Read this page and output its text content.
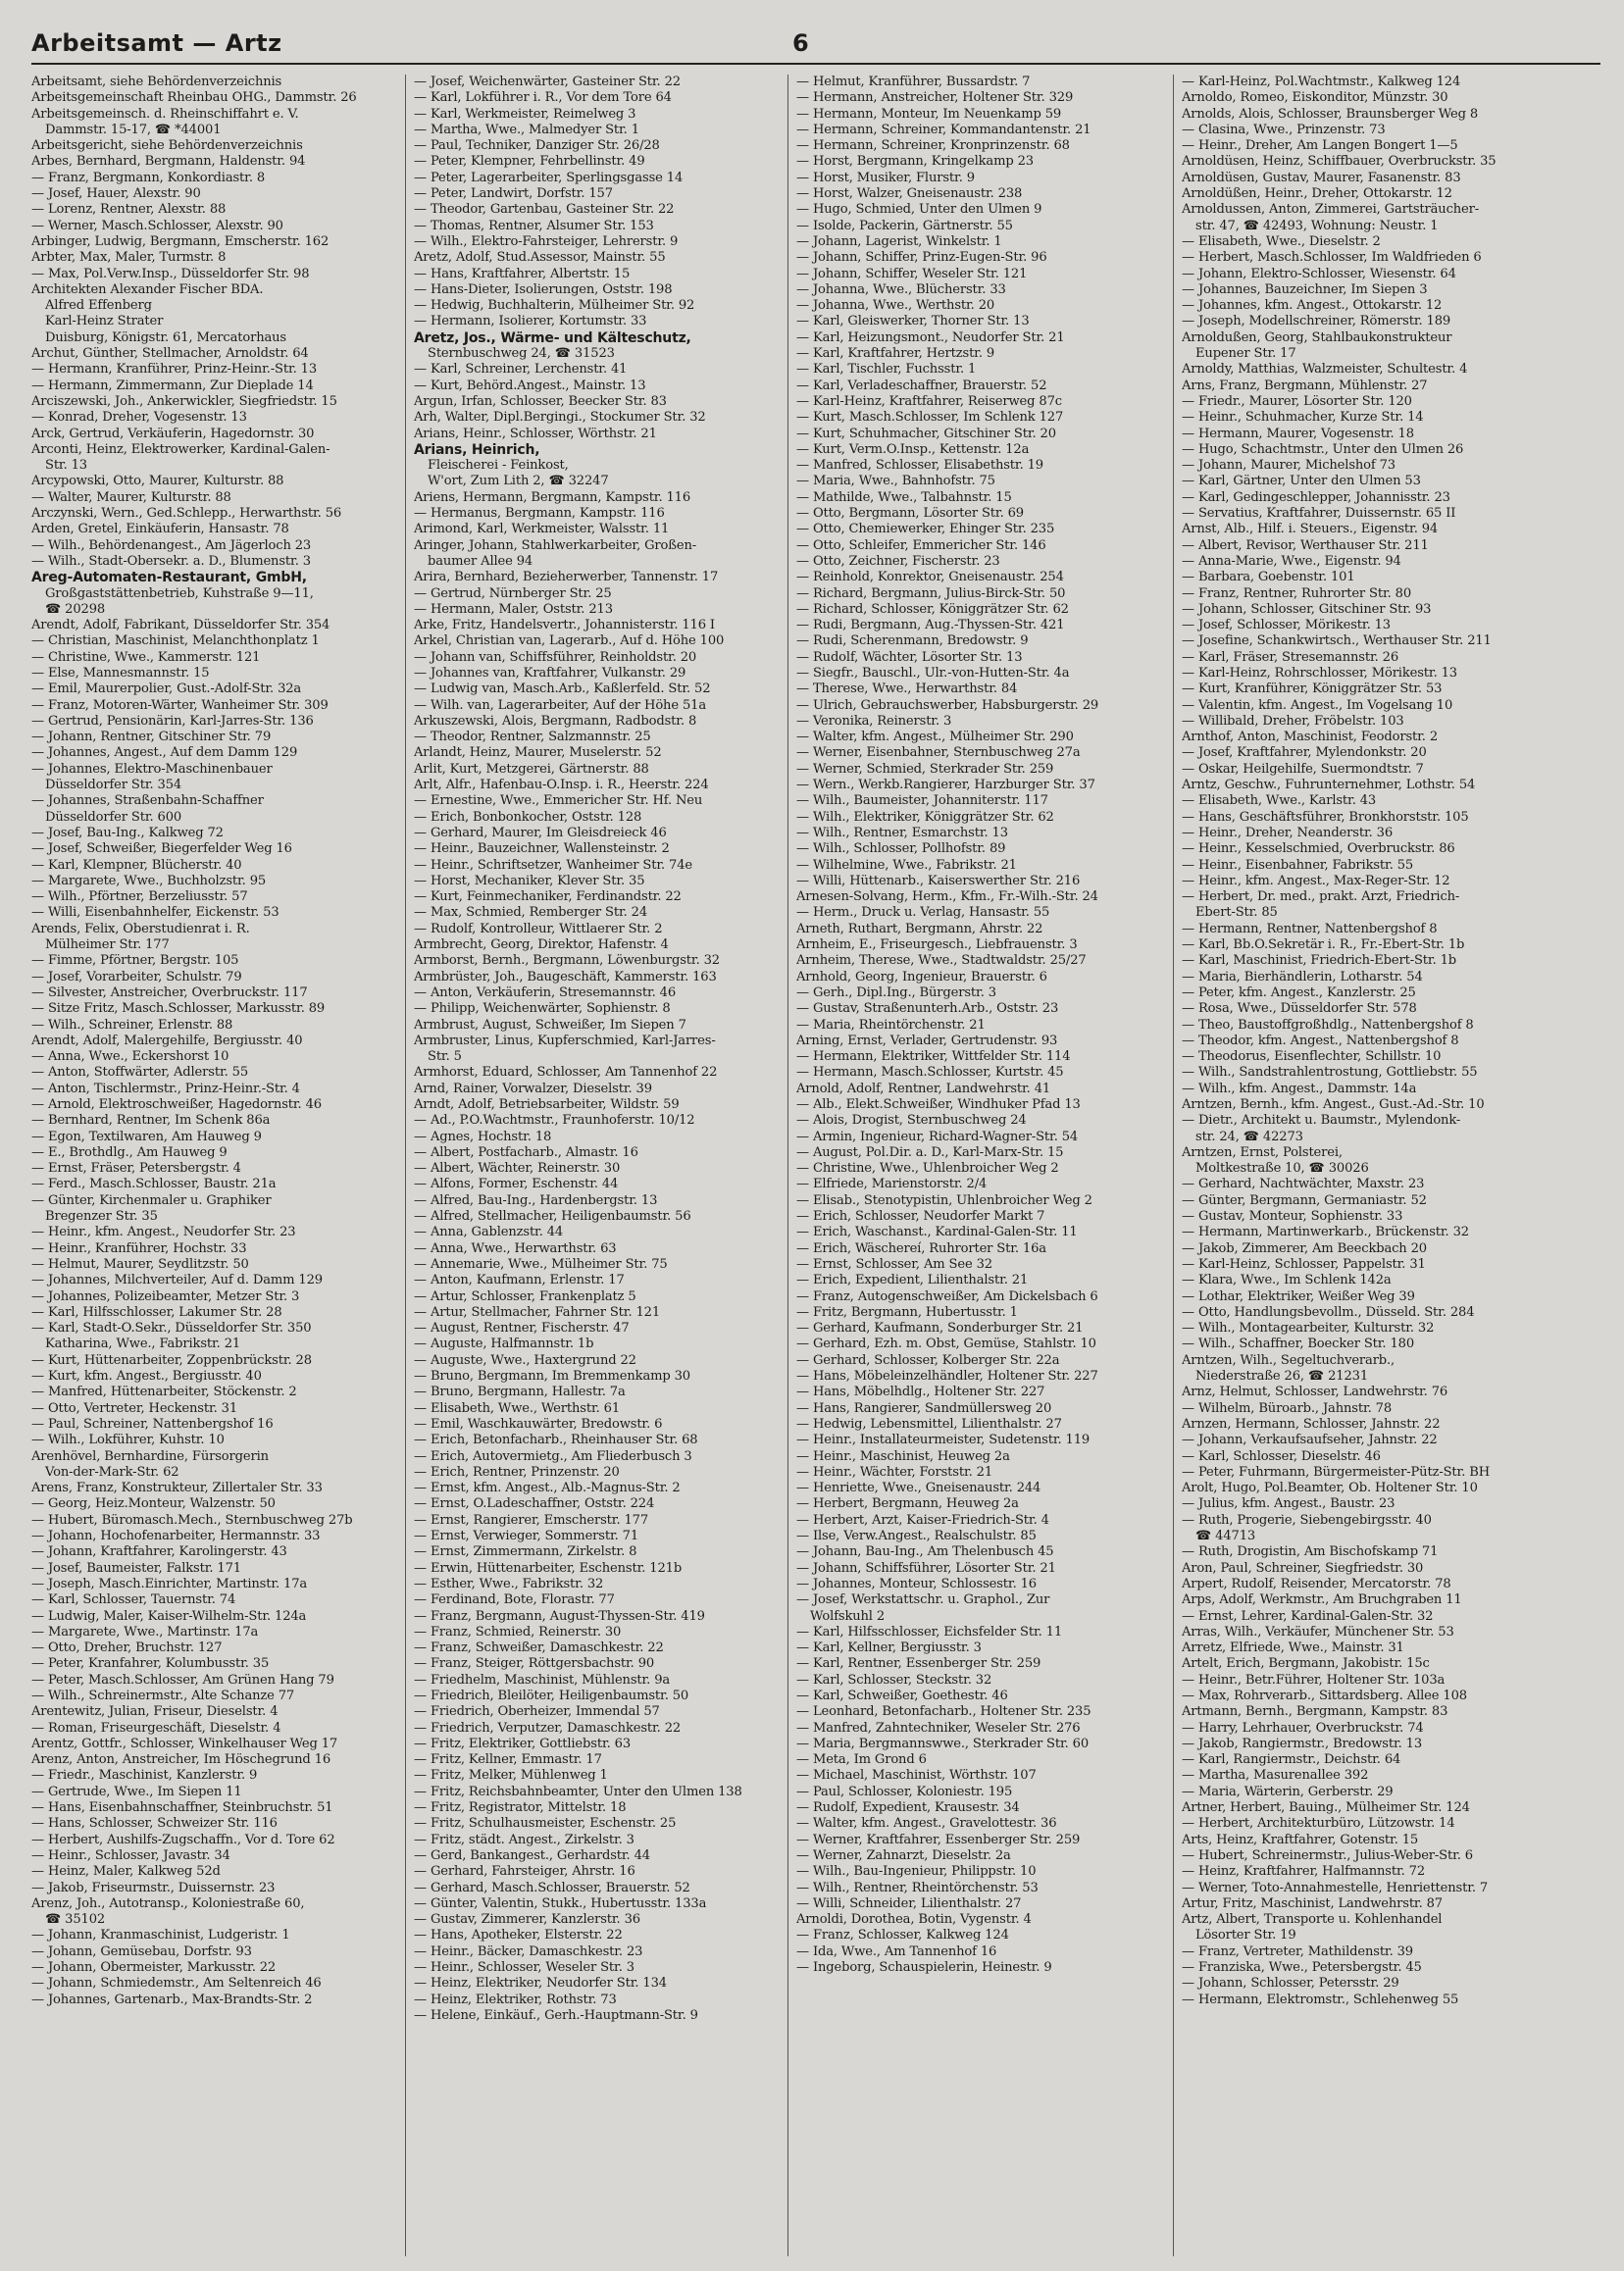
Arbeitsamt — Artz	6
Arbeitsamt, siehe Behördenverzeichnis
Arbeitsgemeinschaft Rheinbau OHG., Dammstr. 26
Arbeitsgemeinsch. d. Rheinschiffahrt e. V.
Dammstr. 15-17, ☎ *44001
Arbeitsgericht, siehe Behördenverzeichnis
Arbes, Bernhard, Bergmann, Haldenstr. 94
— Franz, Bergmann, Konkordiastr. 8
— Josef, Hauer, Alexstr. 90
— Lorenz, Rentner, Alexstr. 88
— Werner, Masch.Schlosser, Alexstr. 90
Arbinger, Ludwig, Bergmann, Emscherstr. 162
Arbter, Max, Maler, Turmstr. 8
— Max, Pol.Verw.Insp., Düsseldorfer Str. 98
Architekten Alexander Fischer BDA.
Alfred Effenberg
Karl-Heinz Strater
Duisburg, Königstr. 61, Mercatorhaus
Archut, Günther, Stellmacher, Arnoldstr. 64
— Hermann, Kranführer, Prinz-Heinr.-Str. 13
— Hermann, Zimmermann, Zur Dieplade 14
Arciszewski, Joh., Ankerwickler, Siegfriedstr. 15
— Konrad, Dreher, Vogesenstr. 13
Arck, Gertrud, Verkäuferin, Hagedornstr. 30
Arconti, Heinz, Elektrowerker, Kardinal-Galen-
Str. 13
Arcypowski, Otto, Maurer, Kulturstr. 88
— Walter, Maurer, Kulturstr. 88
Arczynski, Wern., Ged.Schlepp., Herwarthstr. 56
Arden, Gretel, Einkäuferin, Hansastr. 78
— Wilh., Behördenangest., Am Jägerloch 23
— Wilh., Stadt-Obersekr. a. D., Blumenstr. 3
Areg-Automaten-Restaurant, GmbH,
Großgaststättenbetrieb, Kuhstraße 9—11,
☎ 20298
Arendt, Adolf, Fabrikant, Düsseldorfer Str. 354
— Christian, Maschinist, Melanchthonplatz 1
— Christine, Wwe., Kammerstr. 121
— Else, Mannesmannstr. 15
— Emil, Maurerpolier, Gust.-Adolf-Str. 32a
— Franz, Motoren-Wärter, Wanheimer Str. 309
— Gertrud, Pensionärin, Karl-Jarres-Str. 136
— Johann, Rentner, Gitschiner Str. 79
— Johannes, Angest., Auf dem Damm 129
— Johannes, Elektro-Maschinenbauer
Düsseldorfer Str. 354
— Johannes, Straßenbahn-Schaffner
Düsseldorfer Str. 600
— Josef, Bau-Ing., Kalkweg 72
— Josef, Schweißer, Biegerfelder Weg 16
— Karl, Klempner, Blücherstr. 40
— Margarete, Wwe., Buchholzstr. 95
— Wilh., Pförtner, Berzeliusstr. 57
— Willi, Eisenbahnhelfer, Eickenstr. 53
Arends, Felix, Oberstudienrat i. R.
Mülheimer Str. 177
— Fimme, Pförtner, Bergstr. 105
— Josef, Vorarbeiter, Schulstr. 79
— Silvester, Anstreicher, Overbruckstr. 117
— Sitze Fritz, Masch.Schlosser, Markusstr. 89
— Wilh., Schreiner, Erlenstr. 88
Arendt, Adolf, Malergehilfe, Bergiusstr. 40
— Anna, Wwe., Eckershorst 10
— Anton, Stoffwärter, Adlerstr. 55
— Anton, Tischlermstr., Prinz-Heinr.-Str. 4
— Arnold, Elektroschweißer, Hagedornstr. 46
— Bernhard, Rentner, Im Schenk 86a
— Egon, Textilwaren, Am Hauweg 9
— E., Brothdlg., Am Hauweg 9
— Ernst, Fräser, Petersbergstr. 4
— Ferd., Masch.Schlosser, Baustr. 21a
— Günter, Kirchenmaler u. Graphiker
Bregenzer Str. 35
— Heinr., kfm. Angest., Neudorfer Str. 23
— Heinr., Kranführer, Hochstr. 33
— Helmut, Maurer, Seydlitzstr. 50
— Johannes, Milchverteiler, Auf d. Damm 129
— Johannes, Polizeibeamter, Metzer Str. 3
— Karl, Hilfsschlosser, Lakumer Str. 28
— Karl, Stadt-O.Sekr., Düsseldorfer Str. 350
Katharina, Wwe., Fabrikstr. 21
— Kurt, Hüttenarbeiter, Zoppenbrückstr. 28
— Kurt, kfm. Angest., Bergiusstr. 40
— Manfred, Hüttenarbeiter, Stöckenstr. 2
— Otto, Vertreter, Heckenstr. 31
— Paul, Schreiner, Nattenbergshof 16
— Wilh., Lokführer, Kuhstr. 10
Arenhövel, Bernhardine, Fürsorgerin
Von-der-Mark-Str. 62
Arens, Franz, Konstrukteur, Zillertaler Str. 33
— Georg, Heiz.Monteur, Walzenstr. 50
— Hubert, Büromasch.Mech., Sternbuschweg 27b
— Johann, Hochofenarbeiter, Hermannstr. 33
— Johann, Kraftfahrer, Karolingerstr. 43
— Josef, Baumeister, Falkstr. 171
— Joseph, Masch.Einrichter, Martinstr. 17a
— Karl, Schlosser, Tauernstr. 74
— Ludwig, Maler, Kaiser-Wilhelm-Str. 124a
— Margarete, Wwe., Martinstr. 17a
— Otto, Dreher, Bruchstr. 127
— Peter, Kranfahrer, Kolumbusstr. 35
— Peter, Masch.Schlosser, Am Grünen Hang 79
— Wilh., Schreinermstr., Alte Schanze 77
Arentewitz, Julian, Friseur, Dieselstr. 4
— Roman, Friseurgeschäft, Dieselstr. 4
Arentz, Gottfr., Schlosser, Winkelhauser Weg 17
Arenz, Anton, Anstreicher, Im Höschegrund 16
— Friedr., Maschinist, Kanzlerstr. 9
— Gertrude, Wwe., Im Siepen 11
— Hans, Eisenbahnschaffner, Steinbruchstr. 51
— Hans, Schlosser, Schweizer Str. 116
— Herbert, Aushilfs-Zugschaffn., Vor d. Tore 62
— Heinr., Schlosser, Javastr. 34
— Heinz, Maler, Kalkweg 52d
— Jakob, Friseurmstr., Duissernstr. 23
Arenz, Joh., Autotransp., Koloniestraße 60,
☎ 35102
— Johann, Kranmaschinist, Ludgeristr. 1
— Johann, Gemüsebau, Dorfstr. 93
— Johann, Obermeister, Markusstr. 22
— Johann, Schmiedemstr., Am Seltenreich 46
— Johannes, Gartenarb., Max-Brandts-Str. 2
— Josef, Weichenwärter, Gasteiner Str. 22
— Karl, Lokführer i. R., Vor dem Tore 64
— Karl, Werkmeister, Reimelweg 3
— Martha, Wwe., Malmedyer Str. 1
— Paul, Techniker, Danziger Str. 26/28
— Peter, Klempner, Fehrbellinstr. 49
— Peter, Lagerarbeiter, Sperlingsgasse 14
— Peter, Landwirt, Dorfstr. 157
— Theodor, Gartenbau, Gasteiner Str. 22
— Thomas, Rentner, Alsumer Str. 153
— Wilh., Elektro-Fahrsteiger, Lehrerstr. 9
Aretz, Adolf, Stud.Assessor, Mainstr. 55
— Hans, Kraftfahrer, Albertstr. 15
— Hans-Dieter, Isolierungen, Oststr. 198
— Hedwig, Buchhalterin, Mülheimer Str. 92
— Hermann, Isolierer, Kortumstr. 33
Aretz, Jos., Wärme- und Kälteschutz,
Sternbuschweg 24, ☎ 31523
— Karl, Schreiner, Lerchenstr. 41
— Kurt, Behörd.Angest., Mainstr. 13
Argun, Irfan, Schlosser, Beecker Str. 83
Arh, Walter, Dipl.Bergingi., Stockumer Str. 32
Arians, Heinr., Schlosser, Wörthstr. 21
Arians, Heinrich,
Fleischerei - Feinkost,
W'ort, Zum Lith 2, ☎ 32247
Ariens, Hermann, Bergmann, Kampstr. 116
— Hermanus, Bergmann, Kampstr. 116
Arimond, Karl, Werkmeister, Walsstr. 11
Aringer, Johann, Stahlwerkarbeiter, Großen-
baumer Allee 94
Arira, Bernhard, Bezieherwerber, Tannenstr. 17
— Gertrud, Nürnberger Str. 25
— Hermann, Maler, Oststr. 213
Arke, Fritz, Handelsvertr., Johannisterstr. 116 I
Arkel, Christian van, Lagerarb., Auf d. Höhe 100
— Johann van, Schiffsführer, Reinholdstr. 20
— Johannes van, Kraftfahrer, Vulkanstr. 29
— Ludwig van, Masch.Arb., Kaßlerfeld. Str. 52
— Wilh. van, Lagerarbeiter, Auf der Höhe 51a
Arkuszewski, Alois, Bergmann, Radbodstr. 8
— Theodor, Rentner, Salzmannstr. 25
Arlandt, Heinz, Maurer, Muselerstr. 52
Arlit, Kurt, Metzgerei, Gärtnerstr. 88
Arlt, Alfr., Hafenbau-O.Insp. i. R., Heerstr. 224
— Ernestine, Wwe., Emmericher Str. Hf. Neu
— Erich, Bonbonkocher, Oststr. 128
— Gerhard, Maurer, Im Gleisdreieck 46
— Heinr., Bauzeichner, Wallensteinstr. 2
— Heinr., Schriftsetzer, Wanheimer Str. 74e
— Horst, Mechaniker, Klever Str. 35
— Kurt, Feinmechaniker, Ferdinandstr. 22
— Max, Schmied, Remberger Str. 24
— Rudolf, Kontrolleur, Wittlaerer Str. 2
Armbrecht, Georg, Direktor, Hafenstr. 4
Armborst, Bernh., Bergmann, Löwenburgstr. 32
Armbrüster, Joh., Baugeschäft, Kammerstr. 163
— Anton, Verkäuferin, Stresemannstr. 46
— Philipp, Weichenwärter, Sophienstr. 8
Armbrust, August, Schweißer, Im Siepen 7
Armbruster, Linus, Kupferschmied, Karl-Jarres-
Str. 5
Armhorst, Eduard, Schlosser, Am Tannenhof 22
Arnd, Rainer, Vorwalzer, Dieselstr. 39
Arndt, Adolf, Betriebsarbeiter, Wildstr. 59
— Ad., P.O.Wachtmstr., Fraunhoferstr. 10/12
— Agnes, Hochstr. 18
— Albert, Postfacharb., Almastr. 16
— Albert, Wächter, Reinerstr. 30
— Alfons, Former, Eschenstr. 44
— Alfred, Bau-Ing., Hardenbergstr. 13
— Alfred, Stellmacher, Heiligenbaumstr. 56
— Anna, Gablenzstr. 44
— Anna, Wwe., Herwarthstr. 63
— Annemarie, Wwe., Mülheimer Str. 75
— Anton, Kaufmann, Erlenstr. 17
— Artur, Schlosser, Frankenplatz 5
— Artur, Stellmacher, Fahrner Str. 121
— August, Rentner, Fischerstr. 47
— Auguste, Halfmannstr. 1b
— Auguste, Wwe., Haxtergrund 22
— Bruno, Bergmann, Im Bremmenkamp 30
— Bruno, Bergmann, Hallestr. 7a
— Elisabeth, Wwe., Werthstr. 61
— Emil, Waschkauwärter, Bredowstr. 6
— Erich, Betonfacharb., Rheinhauser Str. 68
— Erich, Autovermietg., Am Fliederbusch 3
— Erich, Rentner, Prinzenstr. 20
— Ernst, kfm. Angest., Alb.-Magnus-Str. 2
— Ernst, O.Ladeschaffner, Oststr. 224
— Ernst, Rangierer, Emscherstr. 177
— Ernst, Verwieger, Sommerstr. 71
— Ernst, Zimmermann, Zirkelstr. 8
— Erwin, Hüttenarbeiter, Eschenstr. 121b
— Esther, Wwe., Fabrikstr. 32
— Ferdinand, Bote, Florastr. 77
— Franz, Bergmann, August-Thyssen-Str. 419
— Franz, Schmied, Reinerstr. 30
— Franz, Schweißer, Damaschkestr. 22
— Franz, Steiger, Röttgersbachstr. 90
— Friedhelm, Maschinist, Mühlenstr. 9a
— Friedrich, Bleilöter, Heiligenbaumstr. 50
— Friedrich, Oberheizer, Immendal 57
— Friedrich, Verputzer, Damaschkestr. 22
— Fritz, Elektriker, Gottliebstr. 63
— Fritz, Kellner, Emmastr. 17
— Fritz, Melker, Mühlenweg 1
— Fritz, Reichsbahnbeamter, Unter den Ulmen 138
— Fritz, Registrator, Mittelstr. 18
— Fritz, Schulhausmeister, Eschenstr. 25
— Fritz, städt. Angest., Zirkelstr. 3
— Gerd, Bankangest., Gerhardstr. 44
— Gerhard, Fahrsteiger, Ahrstr. 16
— Gerhard, Masch.Schlosser, Brauerstr. 52
— Günter, Valentin, Stukk., Hubertusstr. 133a
— Gustav, Zimmerer, Kanzlerstr. 36
— Hans, Apotheker, Elsterstr. 22
— Heinr., Bäcker, Damaschkestr. 23
— Heinr., Schlosser, Weseler Str. 3
— Heinz, Elektriker, Neudorfer Str. 134
— Heinz, Elektriker, Rothstr. 73
— Helene, Einkäuf., Gerh.-Hauptmann-Str. 9
— Helmut, Kranführer, Bussardstr. 7
— Hermann, Anstreicher, Holtener Str. 329
— Hermann, Monteur, Im Neuenkamp 59
— Hermann, Schreiner, Kommandantenstr. 21
— Hermann, Schreiner, Kronprinzenstr. 68
— Horst, Bergmann, Kringelkamp 23
— Horst, Musiker, Flurstr. 9
— Horst, Walzer, Gneisenaustr. 238
— Hugo, Schmied, Unter den Ulmen 9
— Isolde, Packerin, Gärtnerstr. 55
— Johann, Lagerist, Winkelstr. 1
— Johann, Schiffer, Prinz-Eugen-Str. 96
— Johann, Schiffer, Weseler Str. 121
— Johanna, Wwe., Blücherstr. 33
— Johanna, Wwe., Werthstr. 20
— Karl, Gleiswerker, Thorner Str. 13
— Karl, Heizungsmont., Neudorfer Str. 21
— Karl, Kraftfahrer, Hertzstr. 9
— Karl, Tischler, Fuchsstr. 1
— Karl, Verladeschaffner, Brauerstr. 52
— Karl-Heinz, Kraftfahrer, Reiserweg 87c
— Kurt, Masch.Schlosser, Im Schlenk 127
— Kurt, Schuhmacher, Gitschiner Str. 20
— Kurt, Verm.O.Insp., Kettenstr. 12a
— Manfred, Schlosser, Elisabethstr. 19
— Maria, Wwe., Bahnhofstr. 75
— Mathilde, Wwe., Talbahnstr. 15
— Otto, Bergmann, Lösorter Str. 69
— Otto, Chemiewerker, Ehinger Str. 235
— Otto, Schleifer, Emmericher Str. 146
— Otto, Zeichner, Fischerstr. 23
— Reinhold, Konrektor, Gneisenaustr. 254
— Richard, Bergmann, Julius-Birck-Str. 50
— Richard, Schlosser, Königgrätzer Str. 62
— Rudi, Bergmann, Aug.-Thyssen-Str. 421
— Rudi, Scherenmann, Bredowstr. 9
— Rudolf, Wächter, Lösorter Str. 13
— Siegfr., Bauschl., Ulr.-von-Hutten-Str. 4a
— Therese, Wwe., Herwarthstr. 84
— Ulrich, Gebrauchswerber, Habsburgerstr. 29
— Veronika, Reinerstr. 3
— Walter, kfm. Angest., Mülheimer Str. 290
— Werner, Eisenbahner, Sternbuschweg 27a
— Werner, Schmied, Sterkrader Str. 259
— Wern., Werkb.Rangierer, Harzburger Str. 37
— Wilh., Baumeister, Johanniterstr. 117
— Wilh., Elektriker, Königgrätzer Str. 62
— Wilh., Rentner, Esmarchstr. 13
— Wilh., Schlosser, Pollhofstr. 89
— Wilhelmine, Wwe., Fabrikstr. 21
— Willi, Hüttenarb., Kaiserswerther Str. 216
Arnesen-Solvang, Herm., Kfm., Fr.-Wilh.-Str. 24
— Herm., Druck u. Verlag, Hansastr. 55
Arneth, Ruthart, Bergmann, Ahrstr. 22
Arnheim, E., Friseurgesch., Liebfrauenstr. 3
Arnheim, Therese, Wwe., Stadtwaldstr. 25/27
Arnhold, Georg, Ingenieur, Brauerstr. 6
— Gerh., Dipl.Ing., Bürgerstr. 3
— Gustav, Straßenunterh.Arb., Oststr. 23
— Maria, Rheintörchenstr. 21
Arning, Ernst, Verlader, Gertrudenstr. 93
— Hermann, Elektriker, Wittfelder Str. 114
— Hermann, Masch.Schlosser, Kurtstr. 45
Arnold, Adolf, Rentner, Landwehrstr. 41
— Alb., Elekt.Schweißer, Windhuker Pfad 13
— Alois, Drogist, Sternbuschweg 24
— Armin, Ingenieur, Richard-Wagner-Str. 54
— August, Pol.Dir. a. D., Karl-Marx-Str. 15
— Christine, Wwe., Uhlenbroicher Weg 2
— Elfriede, Marienstorstr. 2/4
— Elisab., Stenotypistin, Uhlenbroicher Weg 2
— Erich, Schlosser, Neudorfer Markt 7
— Erich, Waschanst., Kardinal-Galen-Str. 11
— Erich, Wäschereí, Ruhrorter Str. 16a
— Ernst, Schlosser, Am See 32
— Erich, Expedient, Lilienthalstr. 21
— Franz, Autogenschweißer, Am Dickelsbach 6
— Fritz, Bergmann, Hubertusstr. 1
— Gerhard, Kaufmann, Sonderburger Str. 21
— Gerhard, Ezh. m. Obst, Gemüse, Stahlstr. 10
— Gerhard, Schlosser, Kolberger Str. 22a
— Hans, Möbeleinzelhändler, Holtener Str. 227
— Hans, Möbelhdlg., Holtener Str. 227
— Hans, Rangierer, Sandmüllersweg 20
— Hedwig, Lebensmittel, Lilienthalstr. 27
— Heinr., Installateurmeister, Sudetenstr. 119
— Heinr., Maschinist, Heuweg 2a
— Heinr., Wächter, Forststr. 21
— Henriette, Wwe., Gneisenaustr. 244
— Herbert, Bergmann, Heuweg 2a
— Herbert, Arzt, Kaiser-Friedrich-Str. 4
— Ilse, Verw.Angest., Realschulstr. 85
— Johann, Bau-Ing., Am Thelenbusch 45
— Johann, Schiffsführer, Lösorter Str. 21
— Johannes, Monteur, Schlossestr. 16
— Josef, Werkstattschr. u. Graphol., Zur
Wolfskuhl 2
— Karl, Hilfsschlosser, Eichsfelder Str. 11
— Karl, Kellner, Bergiusstr. 3
— Karl, Rentner, Essenberger Str. 259
— Karl, Schlosser, Steckstr. 32
— Karl, Schweißer, Goethestr. 46
— Leonhard, Betonfacharb., Holtener Str. 235
— Manfred, Zahntechniker, Weseler Str. 276
— Maria, Bergmannswwe., Sterkrader Str. 60
— Meta, Im Grond 6
— Michael, Maschinist, Wörthstr. 107
— Paul, Schlosser, Koloniestr. 195
— Rudolf, Expedient, Krausestr. 34
— Walter, kfm. Angest., Gravelottestr. 36
— Werner, Kraftfahrer, Essenberger Str. 259
— Werner, Zahnarzt, Dieselstr. 2a
— Wilh., Bau-Ingenieur, Philippstr. 10
— Wilh., Rentner, Rheintörchenstr. 53
— Willi, Schneider, Lilienthalstr. 27
Arnoldi, Dorothea, Botin, Vygenstr. 4
— Franz, Schlosser, Kalkweg 124
— Ida, Wwe., Am Tannenhof 16
— Ingeborg, Schauspielerin, Heinestr. 9
— Karl-Heinz, Pol.Wachtmstr., Kalkweg 124
Arnoldo, Romeo, Eiskonditor, Münzstr. 30
Arnolds, Alois, Schlosser, Braunsberger Weg 8
— Clasina, Wwe., Prinzenstr. 73
— Heinr., Dreher, Am Langen Bongert 1—5
Arnoldüsen, Heinz, Schiffbauer, Overbruckstr. 35
Arnoldüsen, Gustav, Maurer, Fasanenstr. 83
Arnoldüßen, Heinr., Dreher, Ottokarstr. 12
Arnoldussen, Anton, Zimmerei, Gartsträucher-
str. 47, ☎ 42493, Wohnung: Neustr. 1
— Elisabeth, Wwe., Dieselstr. 2
— Herbert, Masch.Schlosser, Im Waldfrieden 6
— Johann, Elektro-Schlosser, Wiesenstr. 64
— Johannes, Bauzeichner, Im Siepen 3
— Johannes, kfm. Angest., Ottokarstr. 12
— Joseph, Modellschreiner, Römerstr. 189
Arnoldußen, Georg, Stahlbaukonstrukteur
Eupener Str. 17
Arnoldy, Matthias, Walzmeister, Schultestr. 4
Arns, Franz, Bergmann, Mühlenstr. 27
— Friedr., Maurer, Lösorter Str. 120
— Heinr., Schuhmacher, Kurze Str. 14
— Hermann, Maurer, Vogesenstr. 18
— Hugo, Schachtmstr., Unter den Ulmen 26
— Johann, Maurer, Michelshof 73
— Karl, Gärtner, Unter den Ulmen 53
— Karl, Gedingeschlepper, Johannisstr. 23
— Servatius, Kraftfahrer, Duissernstr. 65 II
Arnst, Alb., Hilf. i. Steuers., Eigenstr. 94
— Albert, Revisor, Werthauser Str. 211
— Anna-Marie, Wwe., Eigenstr. 94
— Barbara, Goebenstr. 101
— Franz, Rentner, Ruhrorter Str. 80
— Johann, Schlosser, Gitschiner Str. 93
— Josef, Schlosser, Mörikestr. 13
— Josefine, Schankwirtsch., Werthauser Str. 211
— Karl, Fräser, Stresemannstr. 26
— Karl-Heinz, Rohrschlosser, Mörikestr. 13
— Kurt, Kranführer, Königgrätzer Str. 53
— Valentin, kfm. Angest., Im Vogelsang 10
— Willibald, Dreher, Fröbelstr. 103
Arnthof, Anton, Maschinist, Feodorstr. 2
— Josef, Kraftfahrer, Mylendonkstr. 20
— Oskar, Heilgehilfe, Suermondtstr. 7
Arntz, Geschw., Fuhrunternehmer, Lothstr. 54
— Elisabeth, Wwe., Karlstr. 43
— Hans, Geschäftsführer, Bronkhorststr. 105
— Heinr., Dreher, Neanderstr. 36
— Heinr., Kesselschmied, Overbruckstr. 86
— Heinr., Eisenbahner, Fabrikstr. 55
— Heinr., kfm. Angest., Max-Reger-Str. 12
— Herbert, Dr. med., prakt. Arzt, Friedrich-
Ebert-Str. 85
— Hermann, Rentner, Nattenbergshof 8
— Karl, Bb.O.Sekretär i. R., Fr.-Ebert-Str. 1b
— Karl, Maschinist, Friedrich-Ebert-Str. 1b
— Maria, Bierhändlerin, Lotharstr. 54
— Peter, kfm. Angest., Kanzlerstr. 25
— Rosa, Wwe., Düsseldorfer Str. 578
— Theo, Baustoffgroßhdlg., Nattenbergshof 8
— Theodor, kfm. Angest., Nattenbergshof 8
— Theodorus, Eisenflechter, Schillstr. 10
— Wilh., Sandstrahlentrostung, Gottliebstr. 55
— Wilh., kfm. Angest., Dammstr. 14a
Arntzen, Bernh., kfm. Angest., Gust.-Ad.-Str. 10
— Dietr., Architekt u. Baumstr., Mylendonk-
str. 24, ☎ 42273
Arntzen, Ernst, Polsterei,
Moltkestraße 10, ☎ 30026
— Gerhard, Nachtwächter, Maxstr. 23
— Günter, Bergmann, Germaniastr. 52
— Gustav, Monteur, Sophienstr. 33
— Hermann, Martinwerkarb., Brückenstr. 32
— Jakob, Zimmerer, Am Beeckbach 20
— Karl-Heinz, Schlosser, Pappelstr. 31
— Klara, Wwe., Im Schlenk 142a
— Lothar, Elektriker, Weißer Weg 39
— Otto, Handlungsbevollm., Düsseld. Str. 284
— Wilh., Montagearbeiter, Kulturstr. 32
— Wilh., Schaffner, Boecker Str. 180
Arntzen, Wilh., Segeltuchverarb.,
Niederstraße 26, ☎ 21231
Arnz, Helmut, Schlosser, Landwehrstr. 76
— Wilhelm, Büroarb., Jahnstr. 78
Arnzen, Hermann, Schlosser, Jahnstr. 22
— Johann, Verkaufsaufseher, Jahnstr. 22
— Karl, Schlosser, Dieselstr. 46
— Peter, Fuhrmann, Bürgermeister-Pütz-Str. BH
Arolt, Hugo, Pol.Beamter, Ob. Holtener Str. 10
— Julius, kfm. Angest., Baustr. 23
— Ruth, Progerie, Siebengebirgsstr. 40
☎ 44713
— Ruth, Drogistin, Am Bischofskamp 71
Aron, Paul, Schreiner, Siegfriedstr. 30
Arpert, Rudolf, Reisender, Mercatorstr. 78
Arps, Adolf, Werkmstr., Am Bruchgraben 11
— Ernst, Lehrer, Kardinal-Galen-Str. 32
Arras, Wilh., Verkäufer, Münchener Str. 53
Arretz, Elfriede, Wwe., Mainstr. 31
Artelt, Erich, Bergmann, Jakobistr. 15c
— Heinr., Betr.Führer, Holtener Str. 103a
— Max, Rohrverarb., Sittardsberg. Allee 108
Artmann, Bernh., Bergmann, Kampstr. 83
— Harry, Lehrhauer, Overbruckstr. 74
— Jakob, Rangiermstr., Bredowstr. 13
— Karl, Rangiermstr., Deichstr. 64
— Martha, Masurenallee 392
— Maria, Wärterin, Gerberstr. 29
Artner, Herbert, Bauing., Mülheimer Str. 124
— Herbert, Architekturbüro, Lützowstr. 14
Arts, Heinz, Kraftfahrer, Gotenstr. 15
— Hubert, Schreinermstr., Julius-Weber-Str. 6
— Heinz, Kraftfahrer, Halfmannstr. 72
— Werner, Toto-Annahmestelle, Henriettenstr. 7
Artur, Fritz, Maschinist, Landwehrstr. 87
Artz, Albert, Transporte u. Kohlenhandel
Lösorter Str. 19
— Franz, Vertreter, Mathildenstr. 39
— Franziska, Wwe., Petersbergstr. 45
— Johann, Schlosser, Petersstr. 29
— Hermann, Elektromstr., Schlehenweg 55
